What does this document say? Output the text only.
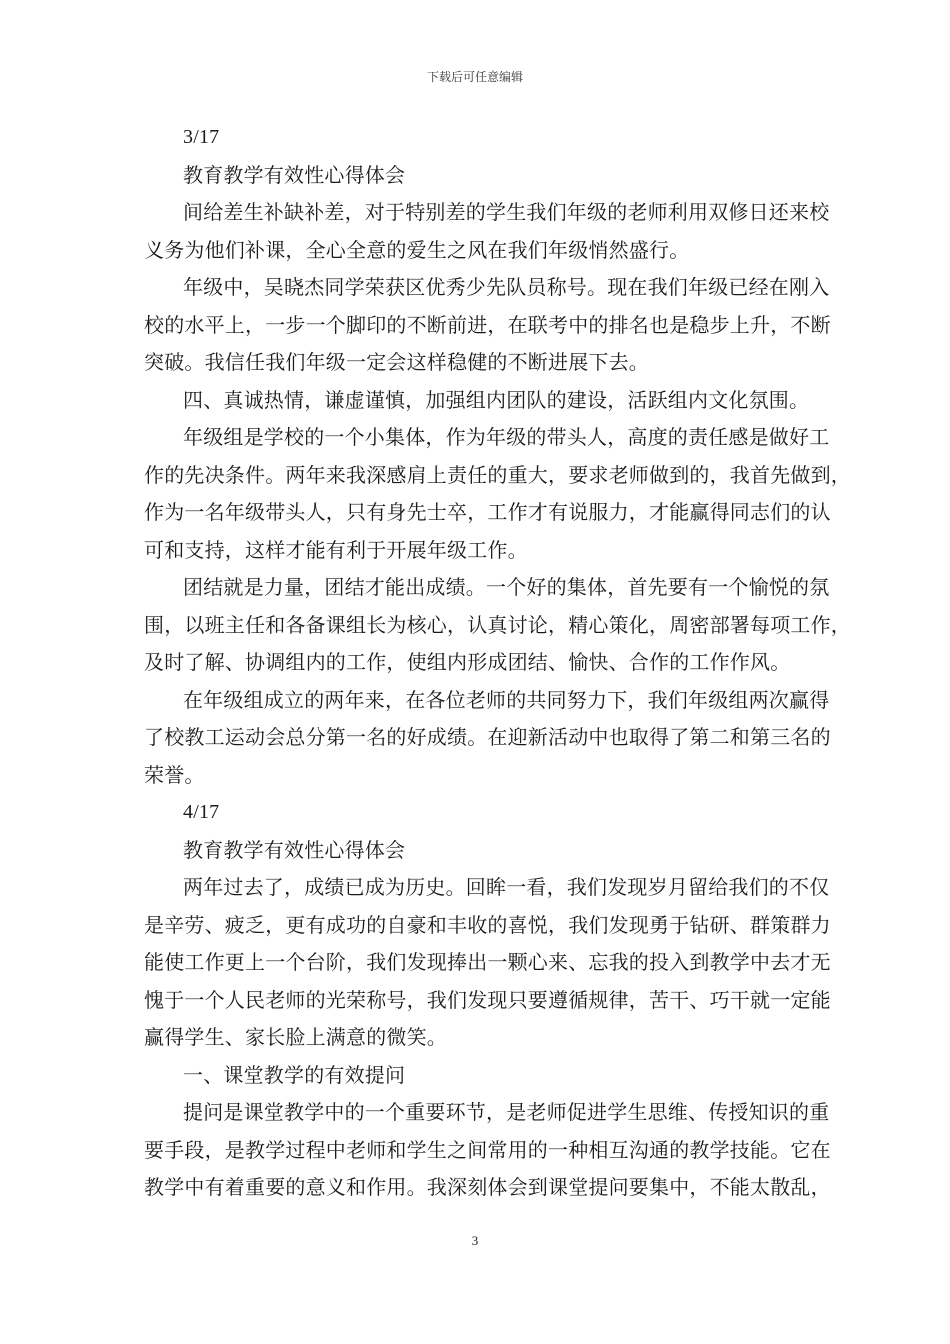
下载后可任意编辑
3/17
教育教学有效性心得体会
间给差生补缺补差，对于特别差的学生我们年级的老师利用双修日还来校
义务为他们补课，全心全意的爱生之风在我们年级悄然盛行。
年级中，吴晓杰同学荣获区优秀少先队员称号。现在我们年级已经在刚入
校的水平上，一步一个脚印的不断前进，在联考中的排名也是稳步上升，不断
突破。我信任我们年级一定会这样稳健的不断进展下去。
四、真诚热情，谦虚谨慎，加强组内团队的建设，活跃组内文化氛围。
年级组是学校的一个小集体，作为年级的带头人，高度的责任感是做好工
作的先决条件。两年来我深感肩上责任的重大，要求老师做到的，我首先做到，
作为一名年级带头人，只有身先士卒，工作才有说服力，才能赢得同志们的认
可和支持，这样才能有利于开展年级工作。
团结就是力量，团结才能出成绩。一个好的集体，首先要有一个愉悦的氛
围，以班主任和各备课组长为核心，认真讨论，精心策化，周密部署每项工作，
及时了解、协调组内的工作，使组内形成团结、愉快、合作的工作作风。
在年级组成立的两年来，在各位老师的共同努力下，我们年级组两次赢得
了校教工运动会总分第一名的好成绩。在迎新活动中也取得了第二和第三名的
荣誉。
4/17
教育教学有效性心得体会
两年过去了，成绩已成为历史。回眸一看，我们发现岁月留给我们的不仅
是辛劳、疲乏，更有成功的自豪和丰收的喜悦，我们发现勇于钻研、群策群力
能使工作更上一个台阶，我们发现捧出一颗心来、忘我的投入到教学中去才无
愧于一个人民老师的光荣称号，我们发现只要遵循规律，苦干、巧干就一定能
赢得学生、家长脸上满意的微笑。
一、课堂教学的有效提问
提问是课堂教学中的一个重要环节，是老师促进学生思维、传授知识的重
要手段，是教学过程中老师和学生之间常用的一种相互沟通的教学技能。它在
教学中有着重要的意义和作用。我深刻体会到课堂提问要集中，不能太散乱，
3
